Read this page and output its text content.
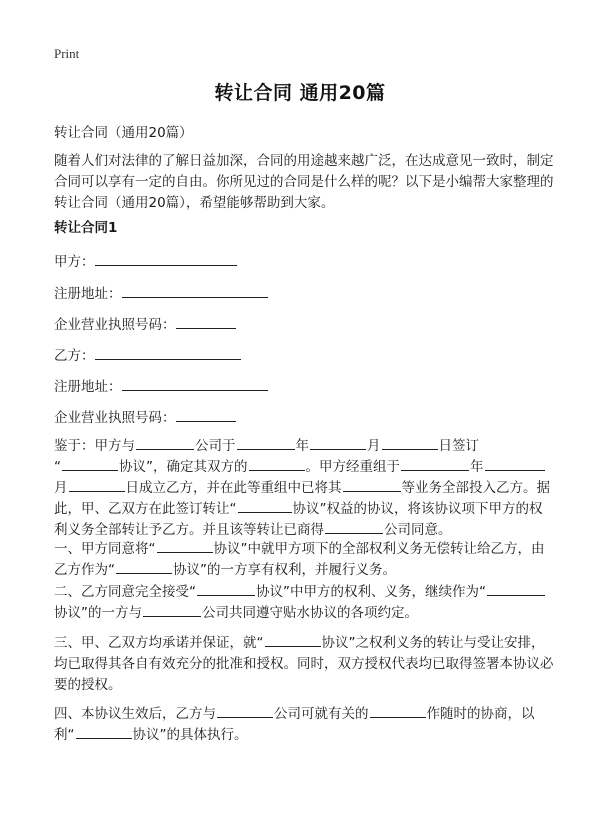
Print
转让合同 通用20篇
转让合同（通用20篇）
随着人们对法律的了解日益加深，合同的用途越来越广泛，在达成意见一致时，制定合同可以享有一定的自由。你所见过的合同是什么样的呢？以下是小编帮大家整理的转让合同（通用20篇），希望能够帮助到大家。
转让合同1
甲方：
注册地址：
企业营业执照号码：
乙方：
注册地址：
企业营业执照号码：
鉴于：甲方与	公司于	年	月	日签订
“	协议”，确定其双方的	。甲方经重组于	年
月	日成立乙方，并在此等重组中已将其	等业务全部投入乙方。据此，甲、乙双方在此签订转让“	协议”权益的协议，将该协议项下甲方的权利义务全部转让予乙方。并且该等转让已商得	公司同意。
一、甲方同意将“	协议”中就甲方项下的全部权利义务无偿转让给乙方，由乙方作为“	协议”的一方享有权利，并履行义务。
二、乙方同意完全接受“	协议”中甲方的权利、义务，继续作为“协议”的一方与	公司共同遵守贴水协议的各项约定。
三、甲、乙双方均承诺并保证，就“	协议”之权利义务的转让与受让安排，均已取得其各自有效充分的批准和授权。同时，双方授权代表均已取得签署本协议必要的授权。
四、本协议生效后，乙方与	公司可就有关的	作随时的协商，以利“	协议”的具体执行。
